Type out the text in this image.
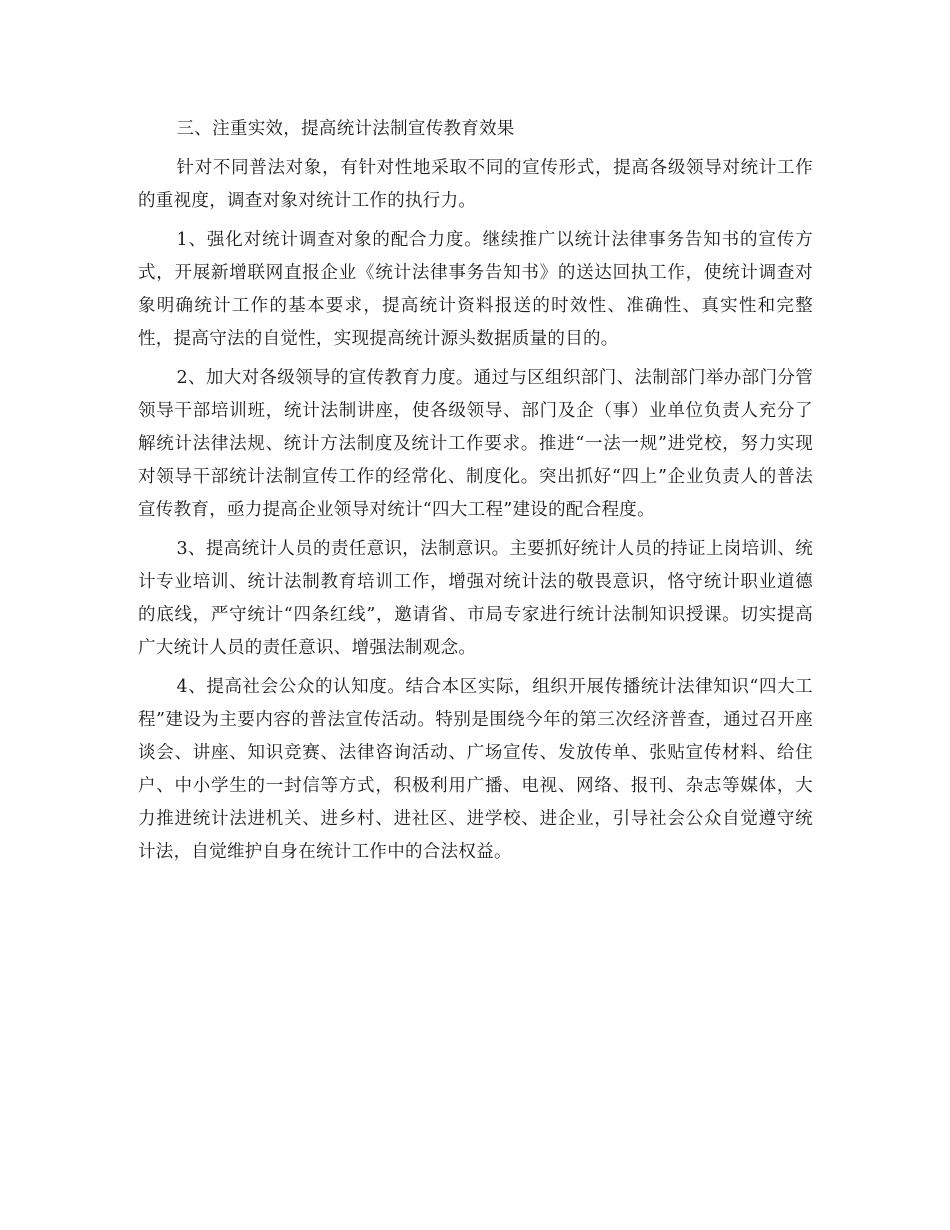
三、注重实效，提高统计法制宣传教育效果

针对不同普法对象，有针对性地采取不同的宣传形式，提高各级领导对统计工作的重视度，调查对象对统计工作的执行力。

1、强化对统计调查对象的配合力度。继续推广以统计法律事务告知书的宣传方式，开展新增联网直报企业《统计法律事务告知书》的送达回执工作，使统计调查对象明确统计工作的基本要求，提高统计资料报送的时效性、准确性、真实性和完整性，提高守法的自觉性，实现提高统计源头数据质量的目的。

2、加大对各级领导的宣传教育力度。通过与区组织部门、法制部门举办部门分管领导干部培训班，统计法制讲座，使各级领导、部门及企（事）业单位负责人充分了解统计法律法规、统计方法制度及统计工作要求。推进“一法一规”进党校，努力实现对领导干部统计法制宣传工作的经常化、制度化。突出抓好“四上”企业负责人的普法宣传教育，亟力提高企业领导对统计“四大工程”建设的配合程度。

3、提高统计人员的责任意识，法制意识。主要抓好统计人员的持证上岗培训、统计专业培训、统计法制教育培训工作，增强对统计法的敬畏意识，恪守统计职业道德的底线，严守统计“四条红线”，邀请省、市局专家进行统计法制知识授课。切实提高广大统计人员的责任意识、增强法制观念。

4、提高社会公众的认知度。结合本区实际，组织开展传播统计法律知识“四大工程”建设为主要内容的普法宣传活动。特别是围绕今年的第三次经济普查，通过召开座谈会、讲座、知识竞赛、法律咨询活动、广场宣传、发放传单、张贴宣传材料、给住户、中小学生的一封信等方式，积极利用广播、电视、网络、报刊、杂志等媒体，大力推进统计法进机关、进乡村、进社区、进学校、进企业，引导社会公众自觉遵守统计法，自觉维护自身在统计工作中的合法权益。
